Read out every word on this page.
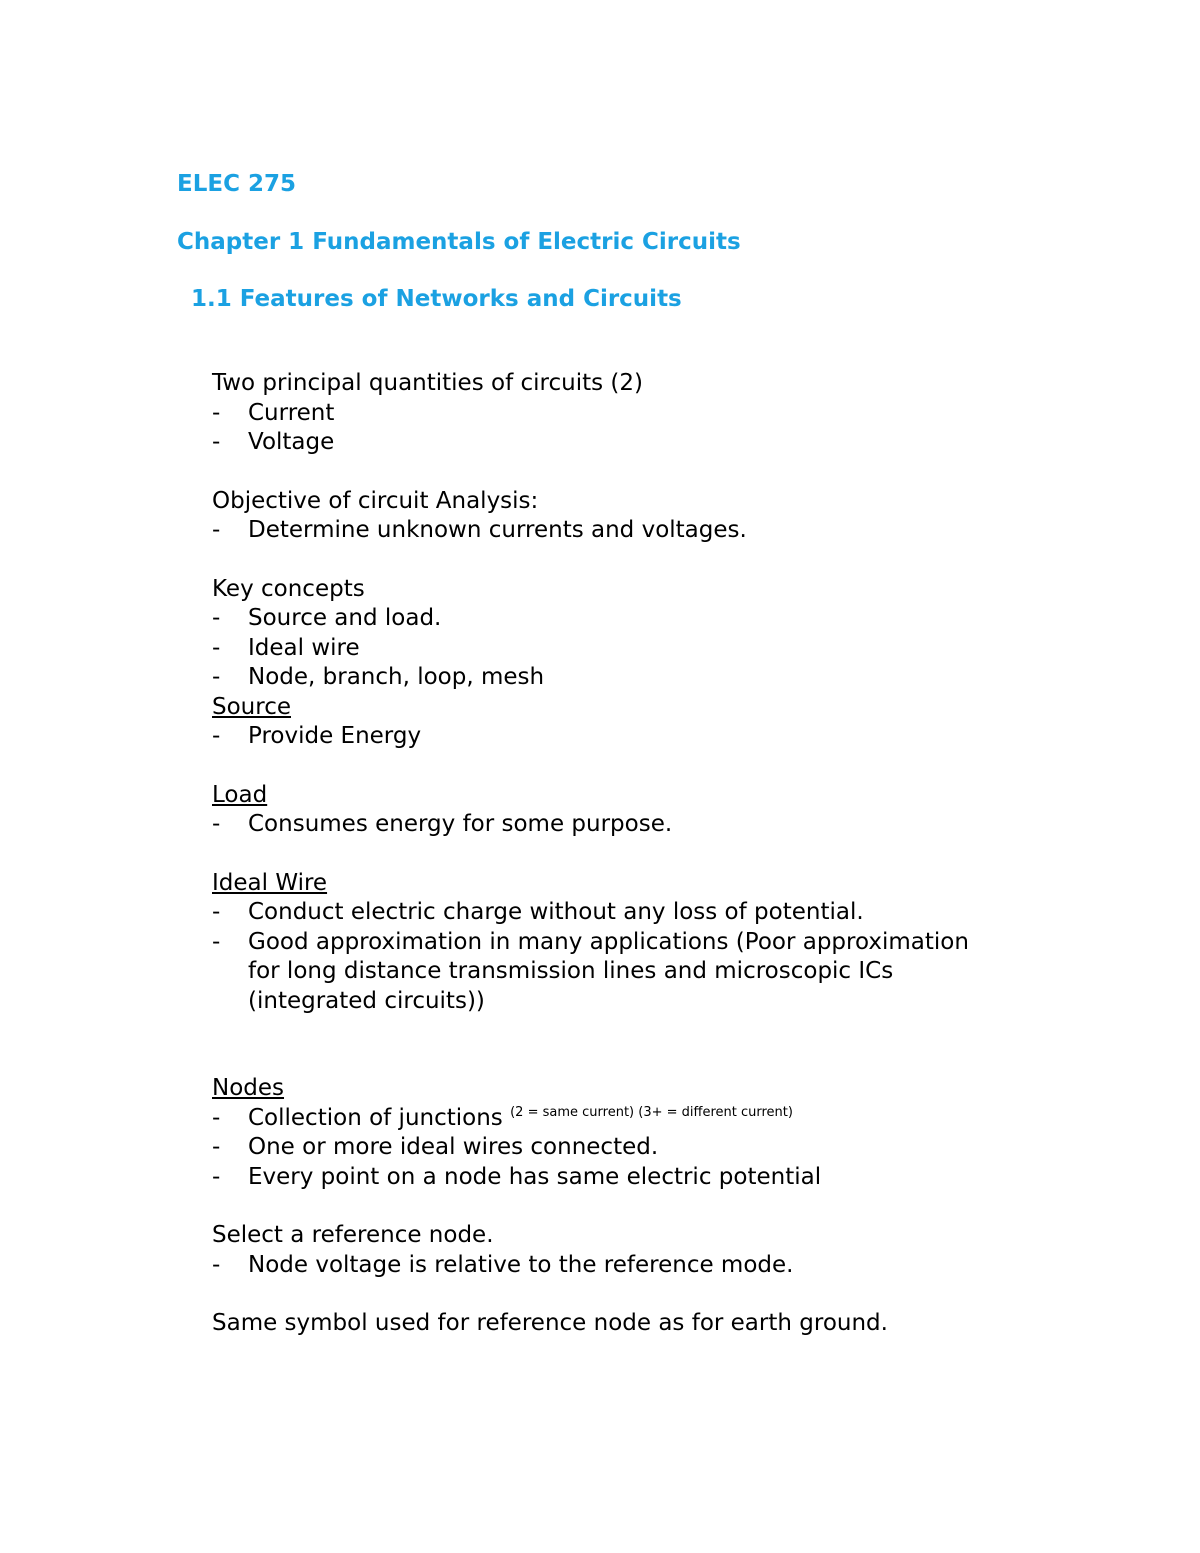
ELEC 275
Chapter 1 Fundamentals of Electric Circuits
1.1 Features of Networks and Circuits

Two principal quantities of circuits (2)

- Current

- Voltage

Objective of circuit Analysis:

- Determine unknown currents and voltages.

Key concepts

- Source and load.

- Ideal wire

- Node, branch, loop, mesh

Source

- Provide Energy

Load

- Consumes energy for some purpose.

Ideal Wire

- Conduct electric charge without any loss of potential.

- Good approximation in many applications (Poor approximation for long distance transmission lines and microscopic ICs (integrated circuits))

Nodes

- Collection of junctions $^{(2 = same current) (3+ = different current)}$

- One or more ideal wires connected.

- Every point on a node has same electric potential

Select a reference node.

- Node voltage is relative to the reference mode.

Same symbol used for reference node as for earth ground.
